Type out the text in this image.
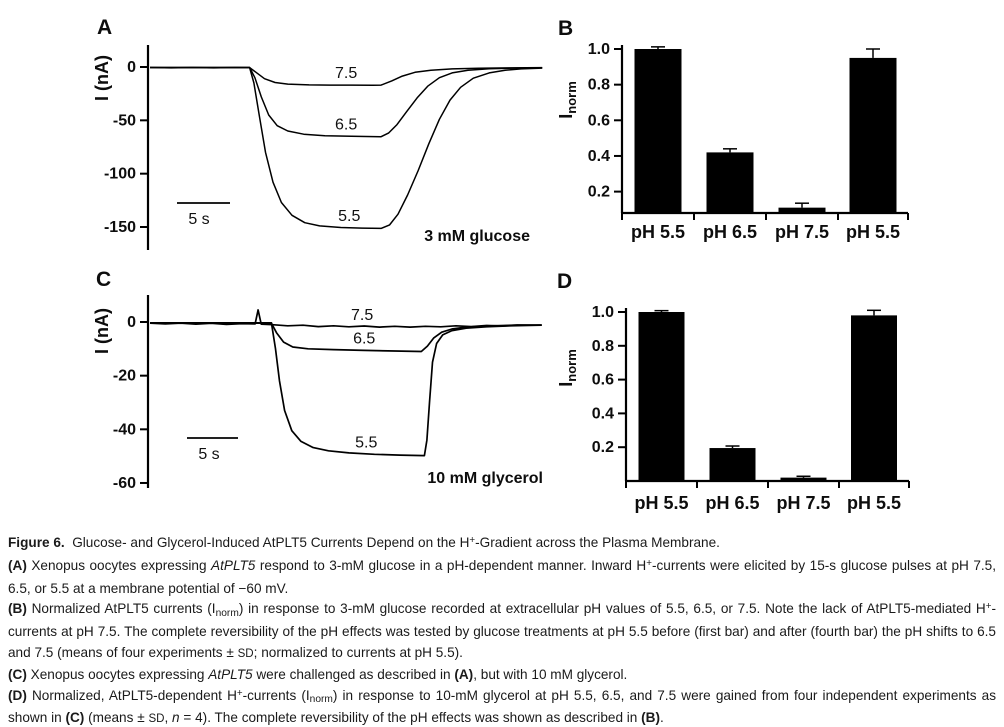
A	B
C	D
0
-50
-100
-150
I (nA)	7.5
6.5
5.5
5 s
3 mM glucose
1.0
0.8
0.6
0.4
0.2
$I_{norm}$
pH 5.5 pH 6.5 pH 7.5 pH 5.5
0
-20
-40
-60
I (nA)	7.5
6.5
5.5
5 s
10 mM glycerol
1.0
0.8
0.6
0.4
0.2
$I_{norm}$
pH 5.5 pH 6.5 pH 7.5 pH 5.5

Figure 6.  Glucose- and Glycerol-Induced AtPLT5 Currents Depend on the H+-Gradient across the Plasma Membrane.

(A) Xenopus oocytes expressing AtPLT5 respond to 3-mM glucose in a pH-dependent manner. Inward H+-currents were elicited by 15-s glucose pulses at pH 7.5, 6.5, or 5.5 at a membrane potential of −60 mV.

(B) Normalized AtPLT5 currents $(I_{norm})$ in response to 3-mM glucose recorded at extracellular pH values of 5.5, 6.5, or 7.5. Note the lack of AtPLT5-mediated H+-currents at pH 7.5. The complete reversibility of the pH effects was tested by glucose treatments at pH 5.5 before (first bar) and after (fourth bar) the pH shifts to 6.5 and 7.5 (means of four experiments ± SD; normalized to currents at pH 5.5).

(C) Xenopus oocytes expressing AtPLT5 were challenged as described in (A), but with 10 mM glycerol.

(D) Normalized, AtPLT5-dependent H+-currents $(I_{norm})$ in response to 10-mM glycerol at pH 5.5, 6.5, and 7.5 were gained from four independent experiments as shown in (C) (means ± SD, n = 4). The complete reversibility of the pH effects was shown as described in (B).
